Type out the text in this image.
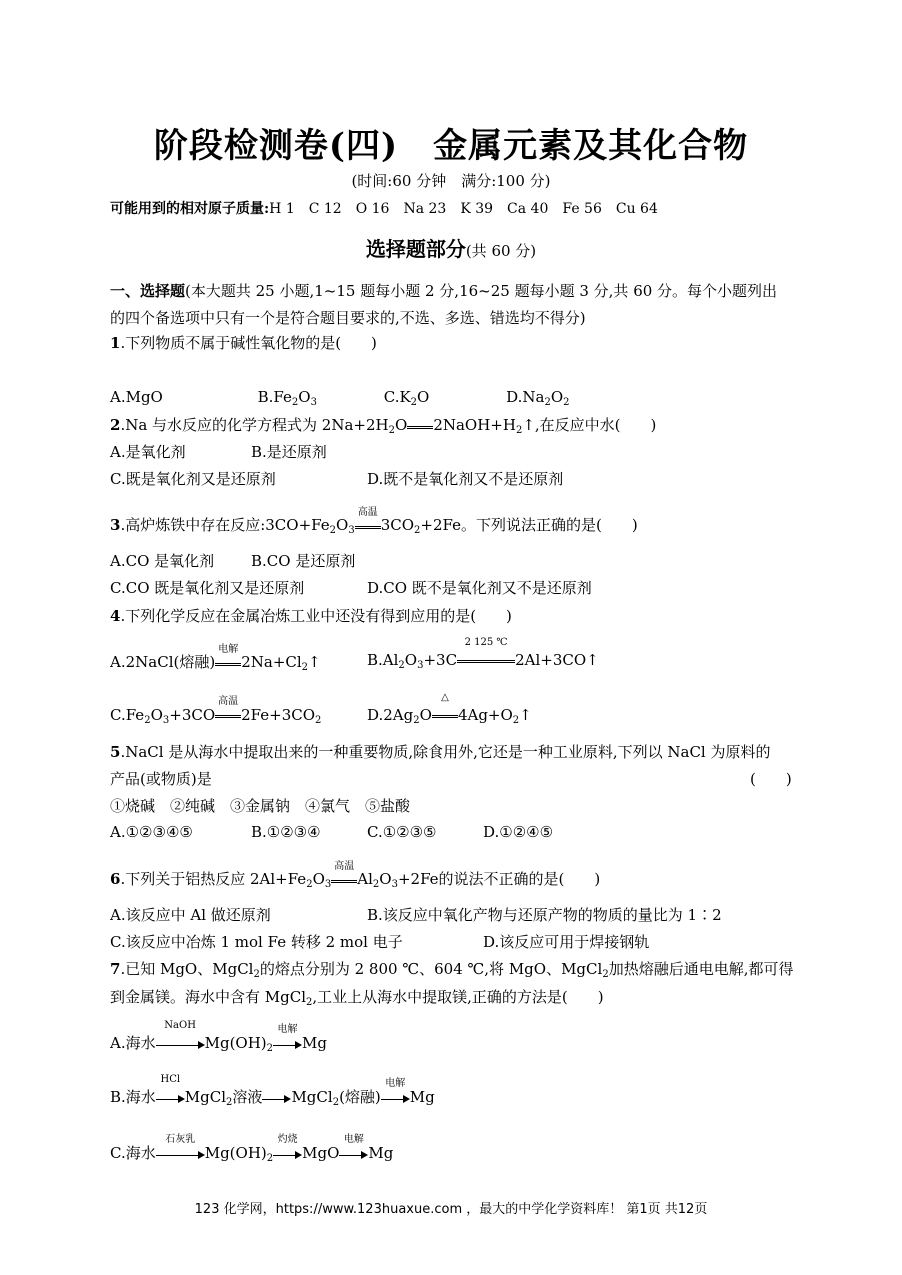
阶段检测卷(四)　金属元素及其化合物
(时间:60 分钟　满分:100 分)
可能用到的相对原子质量:H 1　C 12　O 16　Na 23　K 39　Ca 40　Fe 56　Cu 64
选择题部分(共 60 分)
一、选择题(本大题共 25 小题,1~15 题每小题 2 分,16~25 题每小题 3 分,共 60 分。每个小题列出的四个备选项中只有一个是符合题目要求的,不选、多选、错选均不得分)
1.下列物质不属于碱性氧化物的是(　　)
A.MgO	$B.Fe_2O_3$	$C.K_2O$	$D.Na_2O_2$
2.Na 与水反应的化学方程式为 $2Na+2H_2O$ $2NaOH+H_2↑$,在反应中水(　　)
A.是氧化剂	B.是还原剂
C.既是氧化剂又是还原剂	D.既不是氧化剂又不是还原剂
3.高炉炼铁中存在反应$:3CO+Fe_2O_3$
高温
$3CO_2+2Fe$。下列说法正确的是(　　)
A.CO 是氧化剂 B.CO 是还原剂
C.CO 既是氧化剂又是还原剂	D.CO 既不是氧化剂又不是还原剂
4.下列化学反应在金属冶炼工业中还没有得到应用的是(　　)
A.2NaCl(熔融)
电解
$2Na+Cl_2↑$	$B.Al_2O_3+3C$
2 125 ℃
2Al+3CO↑
$C.Fe_2O_3+3CO$
高温
$2Fe+3CO_2$	$D.2Ag_2O$
△
$4Ag+O_2↑$
5.NaCl 是从海水中提取出来的一种重要物质,除食用外,它还是一种工业原料,下列以 NaCl 为原料的
产品(或物质)是	(　　)
①烧碱　②纯碱　③金属钠　④氯气　⑤盐酸
A.①②③④⑤	B.①②③④	C.①②③⑤	D.①②④⑤
6.下列关于铝热反应 $2Al+Fe_2O_3$
高温
$Al_2O_3+2Fe$的说法不正确的是(　　)
A.该反应中 Al 做还原剂	B.该反应中氧化产物与还原产物的物质的量比为 1∶2
C.该反应中冶炼 1 mol Fe 转移 2 mol 电子	D.该反应可用于焊接钢轨
7.已知 MgO、MgCl$_2$的熔点分别为 2 800 ℃、604 ℃,将 MgO、MgCl$_2$加热熔融后通电电解,都可得
到金属镁。海水中含有 MgCl$_2$,工业上从海水中提取镁,正确的方法是(　　)
A.海水
NaOH
$Mg(OH)_2$
电解
Mg
B.海水
HCl
MgCl$_2$溶液 MgCl$_2$(熔融)
电解
Mg
C.海水
石灰乳
$Mg(OH)_2$
灼烧
MgO
电解
Mg
123 化学网，https://www.123huaxue.com ，最大的中学化学资料库！ 第1页 共12页
